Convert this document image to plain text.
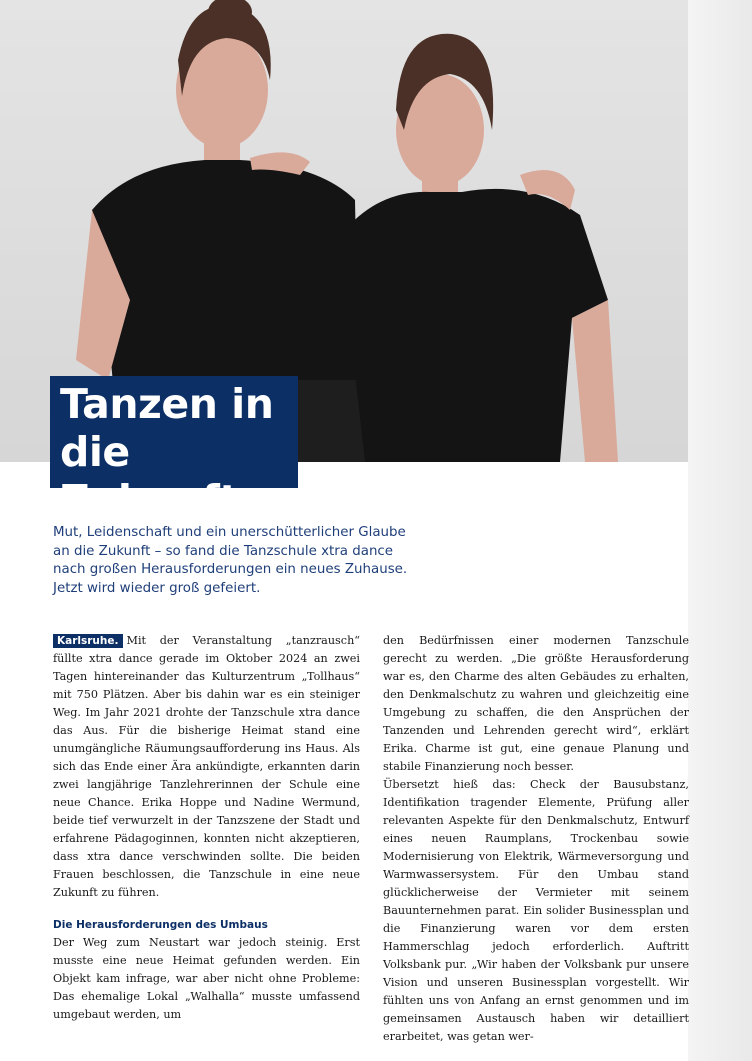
Tanzen in
die Zukunft

Mut, Leidenschaft und ein unerschütterlicher Glaube an die Zukunft – so fand die Tanzschule xtra dance nach großen Herausforderungen ein neues Zuhause. Jetzt wird wieder groß gefeiert.

Karlsruhe. Mit der Veranstaltung „tanzrausch“ füllte xtra dance gerade im Oktober 2024 an zwei Tagen hintereinander das Kulturzentrum „Tollhaus“ mit 750 Plätzen. Aber bis dahin war es ein steiniger Weg. Im Jahr 2021 drohte der Tanzschule xtra dance das Aus. Für die bisherige Heimat stand eine unumgängliche Räumungsaufforderung ins Haus. Als sich das Ende einer Ära ankündigte, erkannten darin zwei langjährige Tanzlehrerinnen der Schule eine neue Chance. Erika Hoppe und Nadine Wermund, beide tief verwurzelt in der Tanzszene der Stadt und erfahrene Pädagoginnen, konnten nicht akzeptieren, dass xtra dance verschwinden sollte. Die beiden Frauen beschlossen, die Tanzschule in eine neue Zukunft zu führen.

Die Herausforderungen des Umbaus

Der Weg zum Neustart war jedoch steinig. Erst musste eine neue Heimat gefunden werden. Ein Objekt kam infrage, war aber nicht ohne Probleme: Das ehemalige Lokal „Walhalla“ musste umfassend umgebaut werden, um

den Bedürfnissen einer modernen Tanzschule gerecht zu werden. „Die größte Herausforderung war es, den Charme des alten Gebäudes zu erhalten, den Denkmalschutz zu wahren und gleichzeitig eine Umgebung zu schaffen, die den Ansprüchen der Tanzenden und Lehrenden gerecht wird“, erklärt Erika. Charme ist gut, eine genaue Planung und stabile Finanzierung noch besser.

Übersetzt hieß das: Check der Bausubstanz, Identifikation tragender Elemente, Prüfung aller relevanten Aspekte für den Denkmalschutz, Entwurf eines neuen Raumplans, Trockenbau sowie Modernisierung von Elektrik, Wärmeversorgung und Warmwassersystem. Für den Umbau stand glücklicherweise der Vermieter mit seinem Bauunternehmen parat. Ein solider Businessplan und die Finanzierung waren vor dem ersten Hammerschlag jedoch erforderlich. Auftritt Volksbank pur. „Wir haben der Volksbank pur unsere Vision und unseren Businessplan vorgestellt. Wir fühlten uns von Anfang an ernst genommen und im gemeinsamen Austausch haben wir detailliert erarbeitet, was getan wer-
